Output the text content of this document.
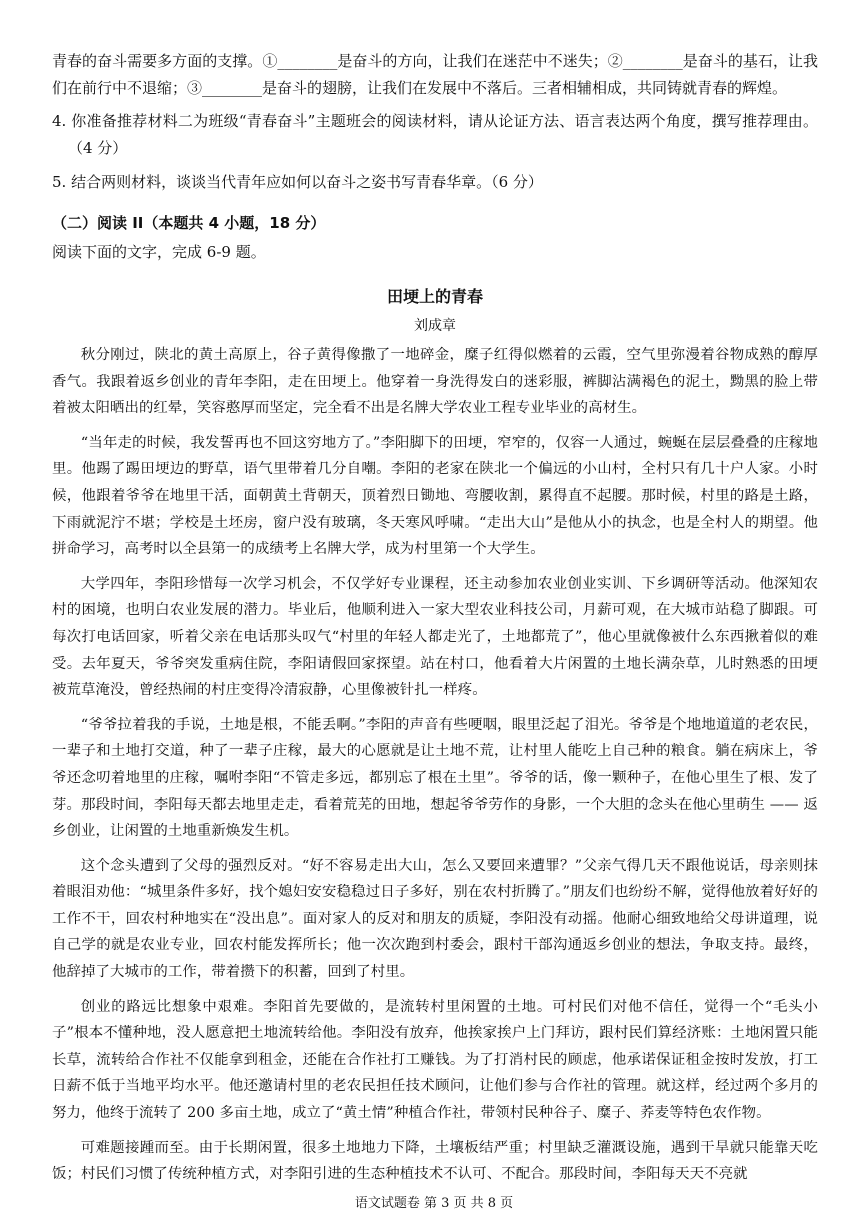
青春的奋斗需要多方面的支撑。①________是奋斗的方向，让我们在迷茫中不迷失；②________是奋斗的基石，让我们在前行中不退缩；③________是奋斗的翅膀，让我们在发展中不落后。三者相辅相成，共同铸就青春的辉煌。

4. 你准备推荐材料二为班级“青春奋斗”主题班会的阅读材料，请从论证方法、语言表达两个角度，撰写推荐理由。（4 分）

5. 结合两则材料，谈谈当代青年应如何以奋斗之姿书写青春华章。（6 分）

（二）阅读 II（本题共 4 小题，18 分）
阅读下面的文字，完成 6-9 题。
田埂上的青春
刘成章

秋分刚过，陕北的黄土高原上，谷子黄得像撒了一地碎金，糜子红得似燃着的云霞，空气里弥漫着谷物成熟的醇厚香气。我跟着返乡创业的青年李阳，走在田埂上。他穿着一身洗得发白的迷彩服，裤脚沾满褐色的泥土，黝黑的脸上带着被太阳晒出的红晕，笑容憨厚而坚定，完全看不出是名牌大学农业工程专业毕业的高材生。

“当年走的时候，我发誓再也不回这穷地方了。”李阳脚下的田埂，窄窄的，仅容一人通过，蜿蜒在层层叠叠的庄稼地里。他踢了踢田埂边的野草，语气里带着几分自嘲。李阳的老家在陕北一个偏远的小山村，全村只有几十户人家。小时候，他跟着爷爷在地里干活，面朝黄土背朝天，顶着烈日锄地、弯腰收割，累得直不起腰。那时候，村里的路是土路，下雨就泥泞不堪；学校是土坯房，窗户没有玻璃，冬天寒风呼啸。“走出大山”是他从小的执念，也是全村人的期望。他拼命学习，高考时以全县第一的成绩考上名牌大学，成为村里第一个大学生。

大学四年，李阳珍惜每一次学习机会，不仅学好专业课程，还主动参加农业创业实训、下乡调研等活动。他深知农村的困境，也明白农业发展的潜力。毕业后，他顺利进入一家大型农业科技公司，月薪可观，在大城市站稳了脚跟。可每次打电话回家，听着父亲在电话那头叹气“村里的年轻人都走光了，土地都荒了”，他心里就像被什么东西揪着似的难受。去年夏天，爷爷突发重病住院，李阳请假回家探望。站在村口，他看着大片闲置的土地长满杂草，儿时熟悉的田埂被荒草淹没，曾经热闹的村庄变得冷清寂静，心里像被针扎一样疼。

“爷爷拉着我的手说，土地是根，不能丢啊。”李阳的声音有些哽咽，眼里泛起了泪光。爷爷是个地地道道的老农民，一辈子和土地打交道，种了一辈子庄稼，最大的心愿就是让土地不荒，让村里人能吃上自己种的粮食。躺在病床上，爷爷还念叨着地里的庄稼，嘱咐李阳“不管走多远，都别忘了根在土里”。爷爷的话，像一颗种子，在他心里生了根、发了芽。那段时间，李阳每天都去地里走走，看着荒芜的田地，想起爷爷劳作的身影，一个大胆的念头在他心里萌生 —— 返乡创业，让闲置的土地重新焕发生机。

这个念头遭到了父母的强烈反对。“好不容易走出大山，怎么又要回来遭罪？”父亲气得几天不跟他说话，母亲则抹着眼泪劝他：“城里条件多好，找个媳妇安安稳稳过日子多好，别在农村折腾了。”朋友们也纷纷不解，觉得他放着好好的工作不干，回农村种地实在“没出息”。面对家人的反对和朋友的质疑，李阳没有动摇。他耐心细致地给父母讲道理，说自己学的就是农业专业，回农村能发挥所长；他一次次跑到村委会，跟村干部沟通返乡创业的想法，争取支持。最终，他辞掉了大城市的工作，带着攒下的积蓄，回到了村里。

创业的路远比想象中艰难。李阳首先要做的，是流转村里闲置的土地。可村民们对他不信任，觉得一个“毛头小子”根本不懂种地，没人愿意把土地流转给他。李阳没有放弃，他挨家挨户上门拜访，跟村民们算经济账：土地闲置只能长草，流转给合作社不仅能拿到租金，还能在合作社打工赚钱。为了打消村民的顾虑，他承诺保证租金按时发放，打工日薪不低于当地平均水平。他还邀请村里的老农民担任技术顾问，让他们参与合作社的管理。就这样，经过两个多月的努力，他终于流转了 200 多亩土地，成立了“黄土情”种植合作社，带领村民种谷子、糜子、荞麦等特色农作物。

可难题接踵而至。由于长期闲置，很多土地地力下降，土壤板结严重；村里缺乏灌溉设施，遇到干旱就只能靠天吃饭；村民们习惯了传统种植方式，对李阳引进的生态种植技术不认可、不配合。那段时间，李阳每天天不亮就

语文试题卷 第 3 页 共 8 页
